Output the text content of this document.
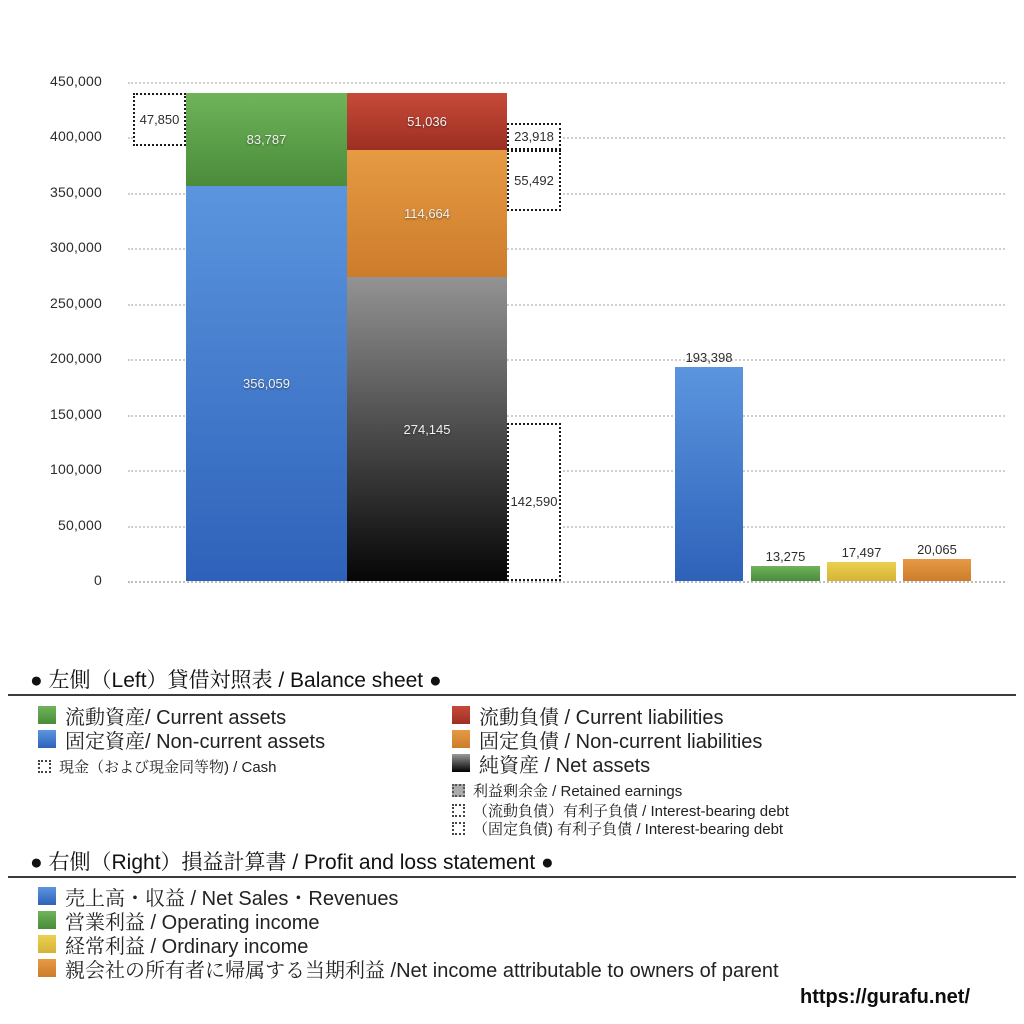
0
50,000
100,000
150,000
200,000
250,000
300,000
350,000
400,000
450,000
83,787
356,059
51,036
114,664
274,145
142,590
47,850
23,918
55,492
193,398
13,275	17,497	20,065
● 左側（Left）貸借対照表 / Balance sheet ●
流動資産/ Current assets
固定資産/ Non-current assets
現金（および現金同等物) / Cash
流動負債 / Current liabilities
固定負債 / Non-current liabilities
純資産 / Net assets
利益剰余金 / Retained earnings
（流動負債）有利子負債 / Interest-bearing debt
（固定負債) 有利子負債 / Interest-bearing debt
● 右側（Right）損益計算書 / Profit and loss statement ●
売上高・収益 / Net Sales・Revenues
営業利益 / Operating income
経常利益 / Ordinary income
親会社の所有者に帰属する当期利益 /Net income attributable to owners of parent
https://gurafu.net/
